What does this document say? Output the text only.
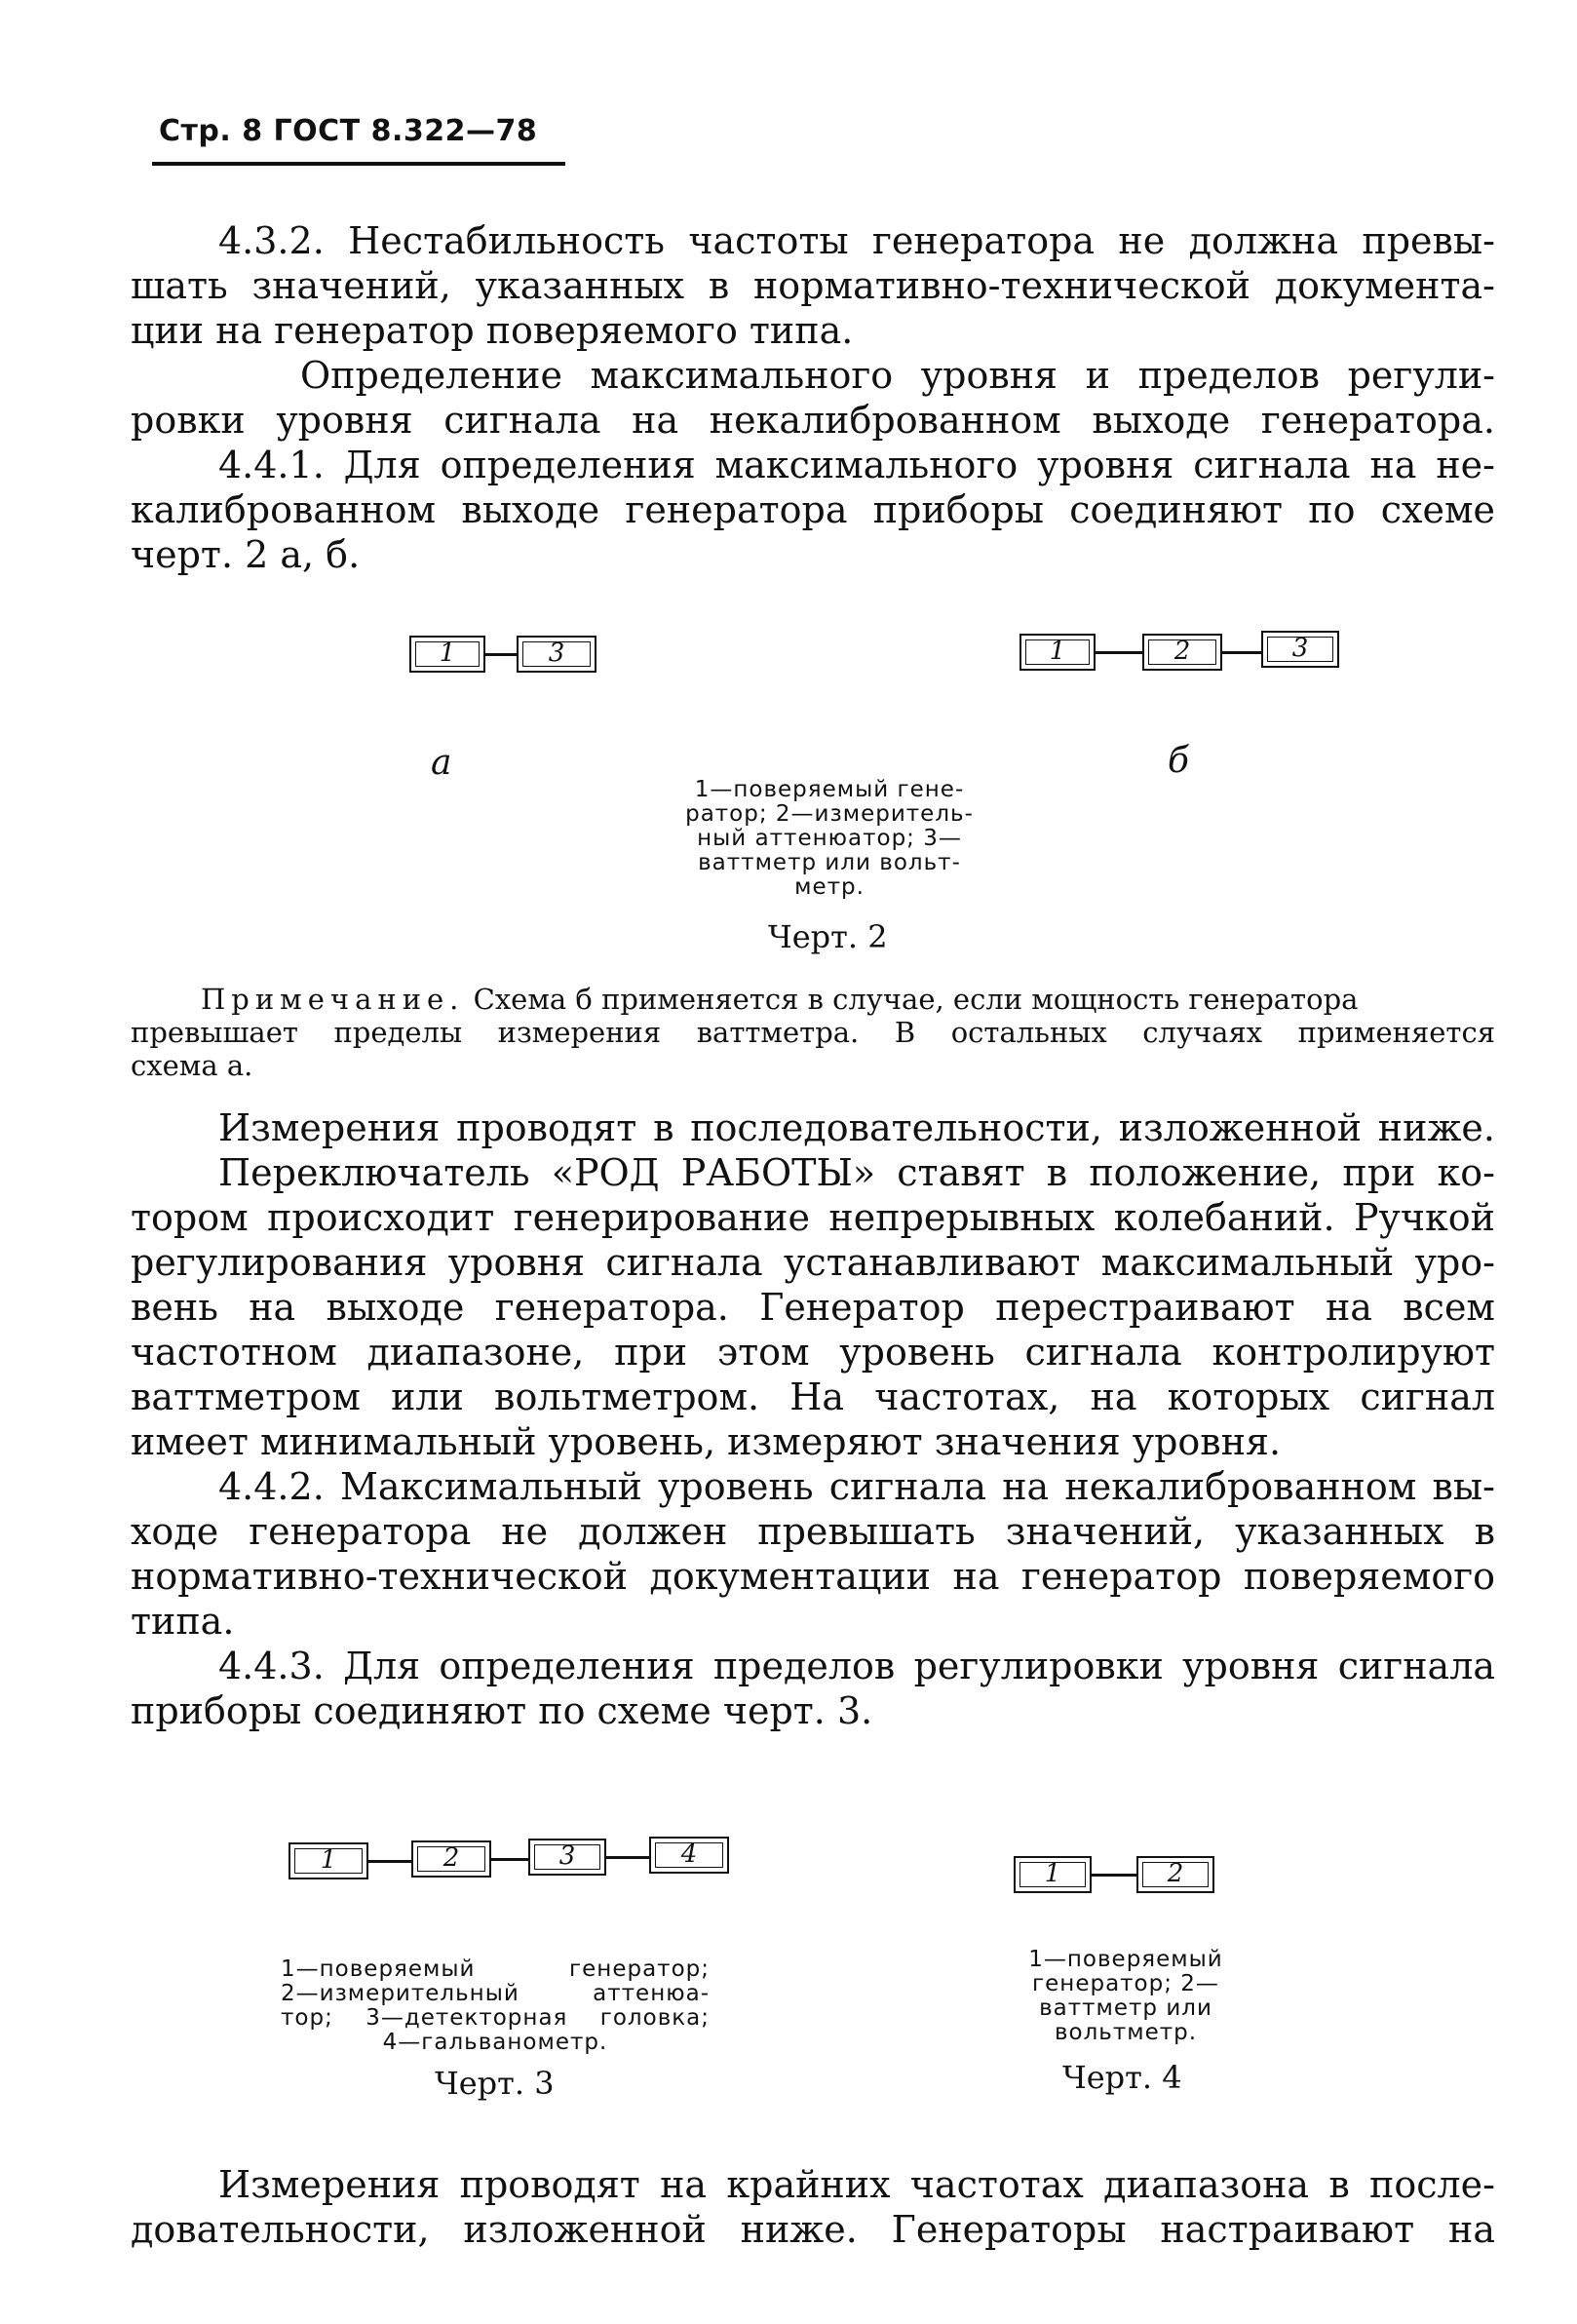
Стр. 8 ГОСТ 8.322—78
4.3.2. Нестабильность частоты генератора не должна превы-
шать значений, указанных в нормативно-технической документа-
ции на генератор поверяемого типа.
Определение максимального уровня и пределов регули-
ровки уровня сигнала на некалиброванном выходе генератора.
4.4.1. Для определения максимального уровня сигнала на не-
калиброванном выходе генератора приборы соединяют по схеме
черт. 2 а, б.
1	3
а
1	2	3
б
1—поверяемый гене-
ратор; 2—измеритель-
ный аттенюатор; 3—
ваттметр или вольт-
метр.
Черт. 2
Примечание. Схема б применяется в случае, если мощность генератора
превышает пределы измерения ваттметра. В остальных случаях применяется
схема а.
Измерения проводят в последовательности, изложенной ниже.
Переключатель «РОД РАБОТЫ» ставят в положение, при ко-
тором происходит генерирование непрерывных колебаний. Ручкой
регулирования уровня сигнала устанавливают максимальный уро-
вень на выходе генератора. Генератор перестраивают на всем
частотном диапазоне, при этом уровень сигнала контролируют
ваттметром или вольтметром. На частотах, на которых сигнал
имеет минимальный уровень, измеряют значения уровня.
4.4.2. Максимальный уровень сигнала на некалиброванном вы-
ходе генератора не должен превышать значений, указанных в
нормативно-технической документации на генератор поверяемого
типа.
4.4.3. Для определения пределов регулировки уровня сигнала
приборы соединяют по схеме черт. 3.
1	2	3	4
1—поверяемый генератор;
2—измерительный аттенюа-
тор; 3—детекторная головка;
4—гальванометр.
Черт. 3
1	2
1—поверяемый
генератор; 2—
ваттметр или
вольтметр.
Черт. 4
Измерения проводят на крайних частотах диапазона в после-
довательности, изложенной ниже. Генераторы настраивают на
